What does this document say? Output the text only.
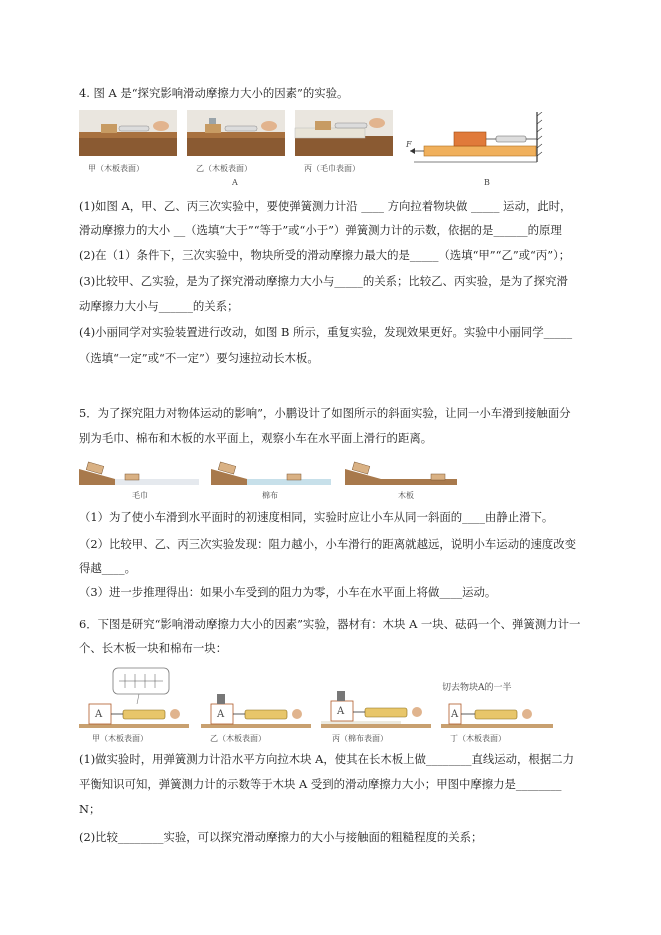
4. 图 A 是“探究影响滑动摩擦力大小的因素”的实验。
甲（木板表面）	乙（木板表面）	丙（毛巾表面）
A
F
B
(1)如图 A，甲、乙、丙三次实验中，要使弹簧测力计沿 ____ 方向拉着物块做 _____ 运动，此时，
滑动摩擦力的大小 __（选填“大于”“等于”或“小于”）弹簧测力计的示数，依据的是______的原理
(2)在（1）条件下，三次实验中，物块所受的滑动摩擦力最大的是_____（选填“甲”“乙”或“丙”）；
(3)比较甲、乙实验，是为了探究滑动摩擦力大小与_____的关系；比较乙、丙实验，是为了探究滑
动摩擦力大小与______的关系；
(4)小丽同学对实验装置进行改动，如图 B 所示，重复实验，发现效果更好。实验中小丽同学_____
（选填“一定”或“不一定”）要匀速拉动长木板。
5．为了探究阻力对物体运动的影响”，小鹏设计了如图所示的斜面实验，让同一小车滑到接触面分
别为毛巾、棉布和木板的水平面上，观察小车在水平面上滑行的距离。
毛巾	棉布	木板
（1）为了使小车滑到水平面时的初速度相同，实验时应让小车从同一斜面的____由静止滑下。
（2）比较甲、乙、丙三次实验发现：阻力越小，小车滑行的距离就越远，说明小车运动的速度改变
得越____。
（3）进一步推理得出：如果小车受到的阻力为零，小车在水平面上将做____运动。
6．下图是研究“影响滑动摩擦力大小的因素”实验，器材有：木块 A 一块、砝码一个、弹簧测力计一
个、长木板一块和棉布一块：
A	A	A	A
切去物块A的一半
甲（木板表面）	乙（木板表面）	丙（棉布表面）	丁（木板表面）
(1)做实验时，用弹簧测力计沿水平方向拉木块 A，使其在长木板上做________直线运动，根据二力
平衡知识可知，弹簧测力计的示数等于木块 A 受到的滑动摩擦力大小；甲图中摩擦力是________
N；
(2)比较________实验，可以探究滑动摩擦力的大小与接触面的粗糙程度的关系；
